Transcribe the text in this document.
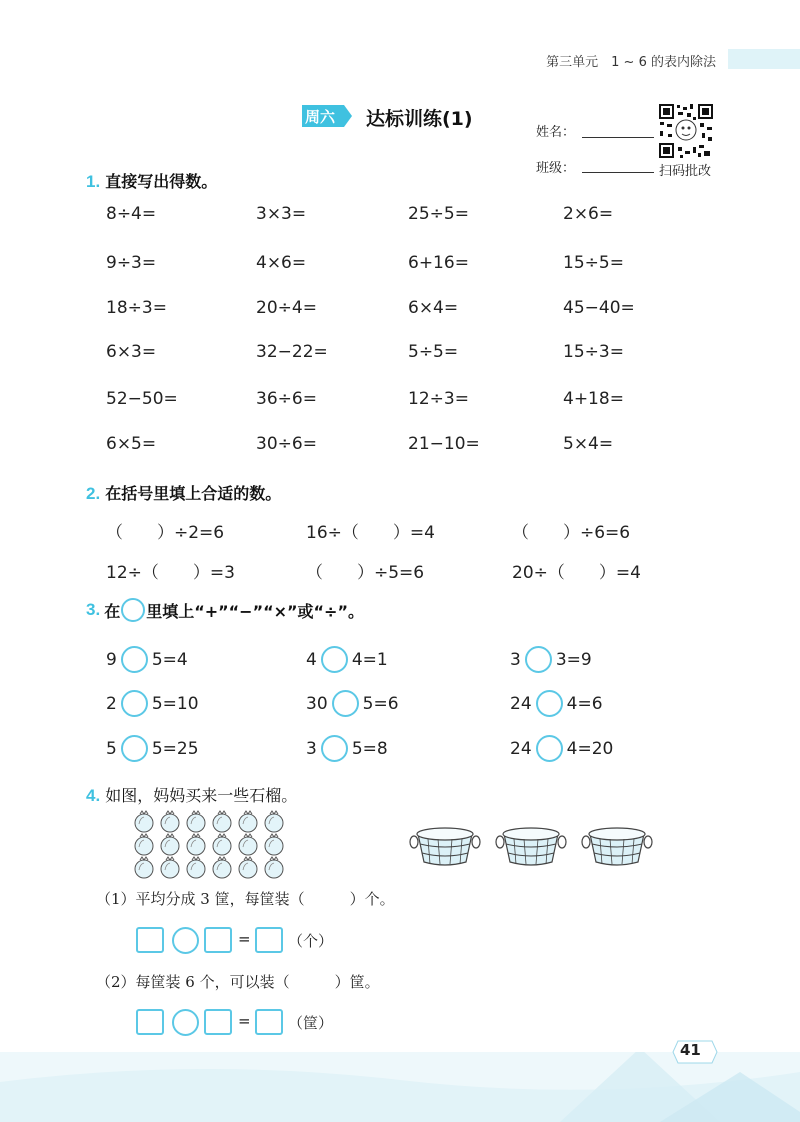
第三单元　1 ~ 6 的表内除法
周六 达标训练(1)
姓名：
班级：	扫码批改
1. 直接写出得数。
8÷4=	3×3=	25÷5=	2×6=
9÷3=	4×6=	6+16=	15÷5=
18÷3=	20÷4=	6×4=	45−40=
6×3=	32−22=	5÷5=	15÷3=
52−50=	36÷6=	12÷3=	4+18=
6×5=	30÷6=	21−10=	5×4=
2. 在括号里填上合适的数。
（　　）÷2=6	16÷（　　）=4	（　　）÷6=6
12÷（　　）=3	（　　）÷5=6	20÷（　　）=4
3. 在 里填上“+”“−”“×”或“÷”。
9 5=4	4 4=1	3 3=9
2 5=10	30 5=6	24 4=6
5 5=25	3 5=8	24 4=20
4. 如图，妈妈买来一些石榴。
（1）平均分成 3 筐，每筐装（　　　）个。
= （个）
（2）每筐装 6 个，可以装（　　　）筐。
= （筐）
41
